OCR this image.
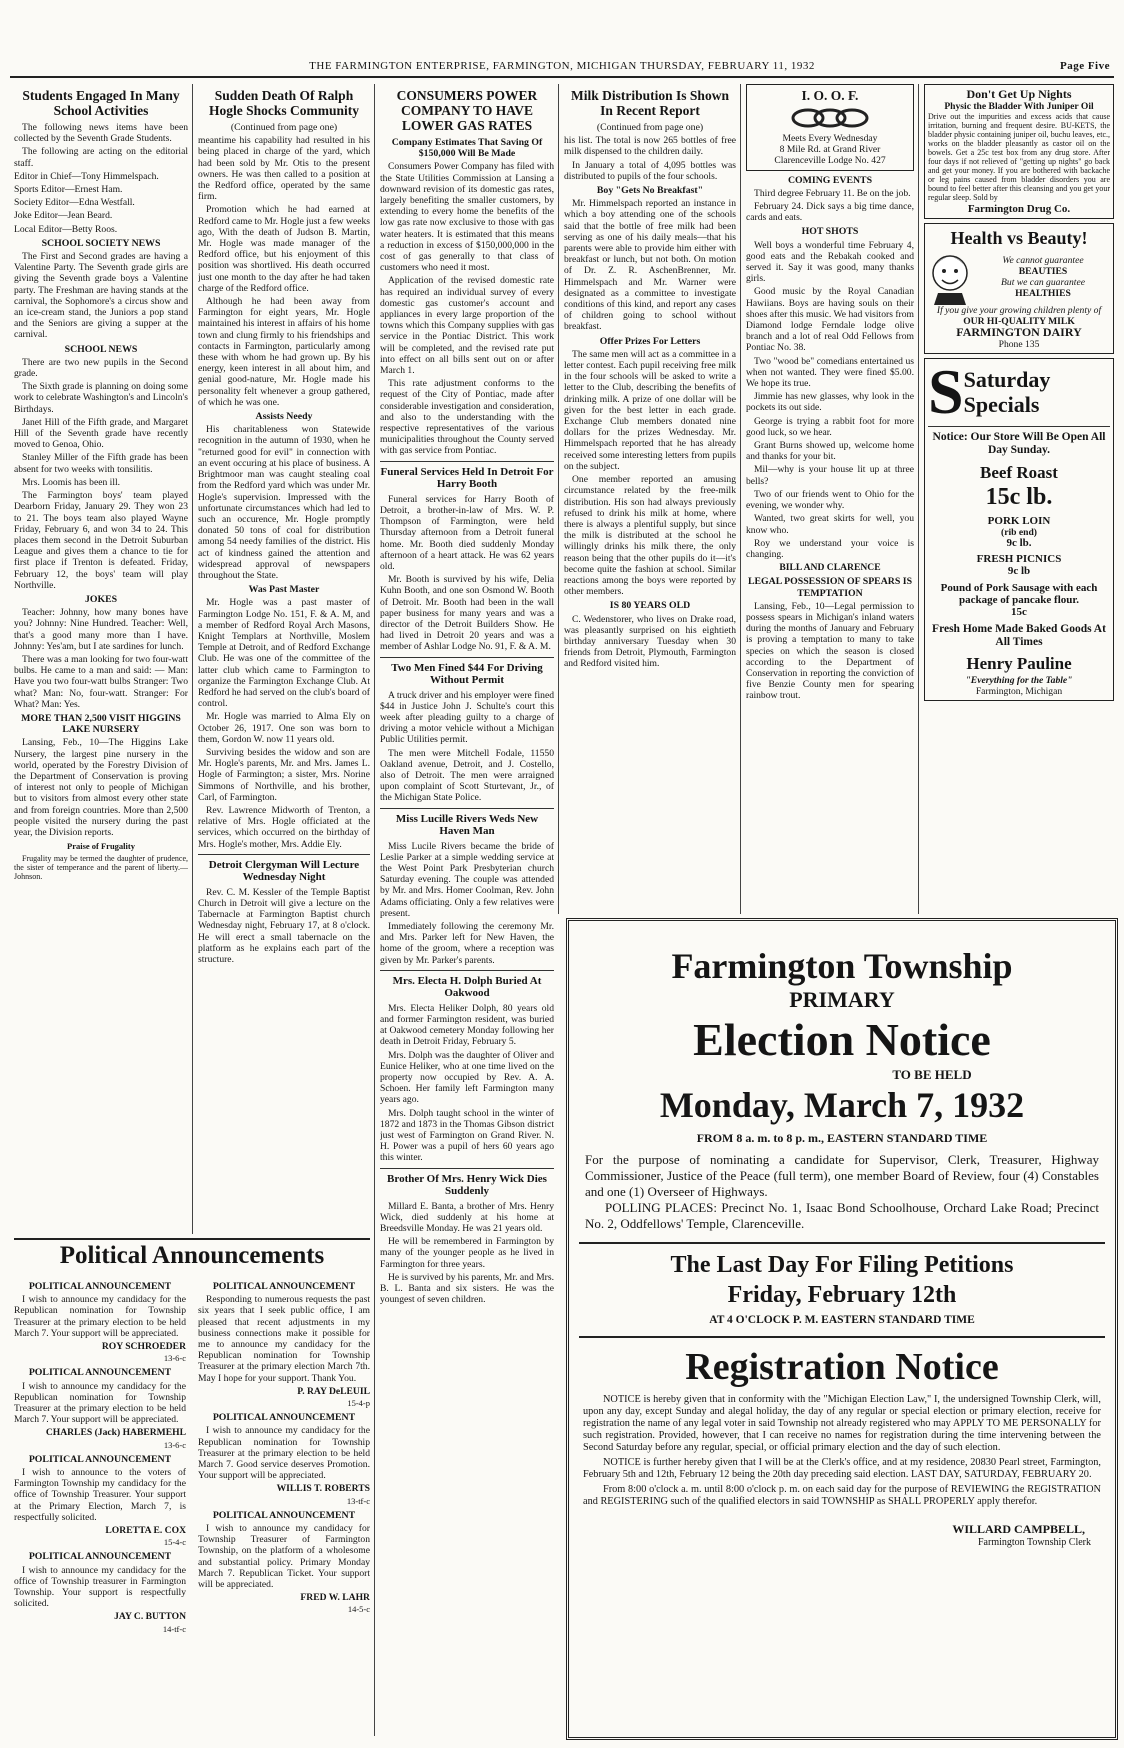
THE FARMINGTON ENTERPRISE, FARMINGTON, MICHIGAN THURSDAY, FEBRUARY 11, 1932	Page Five
Students Engaged In Many School Activities

The following news items have been collected by the Seventh Grade Students.

The following are acting on the editorial staff.

Editor in Chief—Tony Himmelspach.

Sports Editor—Ernest Ham.

Society Editor—Edna Westfall.

Joke Editor—Jean Beard.

Local Editor—Betty Roos.

SCHOOL SOCIETY NEWS

The First and Second grades are having a Valentine Party. The Seventh grade girls are giving the Seventh grade boys a Valentine party. The Freshman are having stands at the carnival, the Sophomore's a circus show and an ice-cream stand, the Juniors a pop stand and the Seniors are giving a supper at the carnival.

SCHOOL NEWS

There are two new pupils in the Second grade.

The Sixth grade is planning on doing some work to celebrate Washington's and Lincoln's Birthdays.

Janet Hill of the Fifth grade, and Margaret Hill of the Seventh grade have recently moved to Genoa, Ohio.

Stanley Miller of the Fifth grade has been absent for two weeks with tonsilitis.

Mrs. Loomis has been ill.

The Farmington boys' team played Dearborn Friday, January 29. They won 23 to 21. The boys team also played Wayne Friday, February 6, and won 34 to 24. This places them second in the Detroit Suburban League and gives them a chance to tie for first place if Trenton is defeated. Friday, February 12, the boys' team will play Northville.

JOKES

Teacher: Johnny, how many bones have you? Johnny: Nine Hundred. Teacher: Well, that's a good many more than I have. Johnny: Yes'am, but I ate sardines for lunch.

There was a man looking for two four-watt bulbs. He came to a man and said: — Man: Have you two four-watt bulbs Stranger: Two what? Man: No, four-watt. Stranger: For What? Man: Yes.

MORE THAN 2,500 VISIT HIGGINS LAKE NURSERY

Lansing, Feb., 10—The Higgins Lake Nursery, the largest pine nursery in the world, operated by the Forestry Division of the Department of Conservation is proving of interest not only to people of Michigan but to visitors from almost every other state and from foreign countries. More than 2,500 people visited the nursery during the past year, the Division reports.

Praise of Frugality

Frugality may be termed the daughter of prudence, the sister of temperance and the parent of liberty.—Johnson.

Sudden Death Of Ralph Hogle Shocks Community
(Continued from page one)

meantime his capability had resulted in his being placed in charge of the yard, which had been sold by Mr. Otis to the present owners. He was then called to a position at the Redford office, operated by the same firm.

Promotion which he had earned at Redford came to Mr. Hogle just a few weeks ago, With the death of Judson B. Martin, Mr. Hogle was made manager of the Redford office, but his enjoyment of this position was shortlived. His death occurred just one month to the day after he had taken charge of the Redford office.

Although he had been away from Farmington for eight years, Mr. Hogle maintained his interest in affairs of his home town and clung firmly to his friendships and contacts in Farmington, particularly among these with whom he had grown up. By his energy, keen interest in all about him, and genial good-nature, Mr. Hogle made his personality felt whenever a group gathered, of which he was one.

Assists Needy

His charitableness won Statewide recognition in the autumn of 1930, when he "returned good for evil" in connection with an event occuring at his place of business. A Brightmoor man was caught stealing coal from the Redford yard which was under Mr. Hogle's supervision. Impressed with the unfortunate circumstances which had led to such an occurence, Mr. Hogle promptly donated 50 tons of coal for distribution among 54 needy families of the district. His act of kindness gained the attention and widespread approval of newspapers throughout the State.

Was Past Master

Mr. Hogle was a past master of Farmington Lodge No. 151, F. & A. M, and a member of Redford Royal Arch Masons, Knight Templars at Northville, Moslem Temple at Detroit, and of Redford Exchange Club. He was one of the committee of the latter club which came to Farmington to organize the Farmington Exchange Club. At Redford he had served on the club's board of control.

Mr. Hogle was married to Alma Ely on October 26, 1917. One son was born to them, Gordon W. now 11 years old.

Surviving besides the widow and son are Mr. Hogle's parents, Mr. and Mrs. James L. Hogle of Farmington; a sister, Mrs. Norine Simmons of Northville, and his brother, Carl, of Farmington.

Rev. Lawrence Midworth of Trenton, a relative of Mrs. Hogle officiated at the services, which occurred on the birthday of Mrs. Hogle's mother, Mrs. Addie Ely.

Detroit Clergyman Will Lecture Wednesday Night

Rev. C. M. Kessler of the Temple Baptist Church in Detroit will give a lecture on the Tabernacle at Farmington Baptist church Wednesday night, February 17, at 8 o'clock. He will erect a small tabernacle on the platform as he explains each part of the structure.

Political Announcements
POLITICAL ANNOUNCEMENT

I wish to announce my candidacy for the Republican nomination for Township Treasurer at the primary election to be held March 7. Your support will be appreciated.

ROY SCHROEDER
13-6-c
POLITICAL ANNOUNCEMENT

I wish to announce my candidacy for the Republican nomination for Township Treasurer at the primary election to be held March 7. Your support will be appreciated.

CHARLES (Jack) HABERMEHL
13-6-c
POLITICAL ANNOUNCEMENT

I wish to announce to the voters of Farmington Township my candidacy for the office of Township Treasurer. Your support at the Primary Election, March 7, is respectfully solicited.

LORETTA E. COX
15-4-c
POLITICAL ANNOUNCEMENT

I wish to announce my candidacy for the office of Township treasurer in Farmington Township. Your support is respectfully solicited.

JAY C. BUTTON
14-tf-c
POLITICAL ANNOUNCEMENT

Responding to numerous requests the past six years that I seek public office, I am pleased that recent adjustments in my business connections make it possible for me to announce my candidacy for the Republican nomination for Township Treasurer at the primary election March 7th. May I hope for your support. Thank You.

P. RAY DeLEUIL
15-4-p
POLITICAL ANNOUNCEMENT

I wish to announce my candidacy for the Republican nomination for Township Treasurer at the primary election to be held March 7. Good service deserves Promotion. Your support will be appreciated.

WILLIS T. ROBERTS
13-tf-c
POLITICAL ANNOUNCEMENT

I wish to announce my candidacy for Township Treasurer of Farmington Township, on the platform of a wholesome and substantial policy. Primary Monday March 7. Republican Ticket. Your support will be appreciated.

FRED W. LAHR
14-5-c
CONSUMERS POWER COMPANY TO HAVE LOWER GAS RATES
Company Estimates That Saving Of $150,000 Will Be Made

Consumers Power Company has filed with the State Utilities Commission at Lansing a downward revision of its domestic gas rates, largely benefiting the smaller customers, by extending to every home the benefits of the low gas rate now exclusive to those with gas water heaters. It is estimated that this means a reduction in excess of $150,000,000 in the cost of gas generally to that class of customers who need it most.

Application of the revised domestic rate has required an individual survey of every domestic gas customer's account and appliances in every large proportion of the towns which this Company supplies with gas service in the Pontiac District. This work will be completed, and the revised rate put into effect on all bills sent out on or after March 1.

This rate adjustment conforms to the request of the City of Pontiac, made after considerable investigation and consideration, and also to the understanding with the respective representatives of the various municipalities throughout the County served with gas service from Pontiac.

Funeral Services Held In Detroit For Harry Booth

Funeral services for Harry Booth of Detroit, a brother-in-law of Mrs. W. P. Thompson of Farmington, were held Thursday afternoon from a Detroit funeral home. Mr. Booth died suddenly Monday afternoon of a heart attack. He was 62 years old.

Mr. Booth is survived by his wife, Delia Kuhn Booth, and one son Osmond W. Booth of Detroit. Mr. Booth had been in the wall paper business for many years and was a director of the Detroit Builders Show. He had lived in Detroit 20 years and was a member of Ashlar Lodge No. 91, F. & A. M.

Two Men Fined $44 For Driving Without Permit

A truck driver and his employer were fined $44 in Justice John J. Schulte's court this week after pleading guilty to a charge of driving a motor vehicle without a Michigan Public Utilities permit.

The men were Mitchell Fodale, 11550 Oakland avenue, Detroit, and J. Costello, also of Detroit. The men were arraigned upon complaint of Scott Sturtevant, Jr., of the Michigan State Police.

Miss Lucille Rivers Weds New Haven Man

Miss Lucile Rivers became the bride of Leslie Parker at a simple wedding service at the West Point Park Presbyterian church Saturday evening. The couple was attended by Mr. and Mrs. Homer Coolman, Rev. John Adams officiating. Only a few relatives were present.

Immediately following the ceremony Mr. and Mrs. Parker left for New Haven, the home of the groom, where a reception was given by Mr. Parker's parents.

Mrs. Electa H. Dolph Buried At Oakwood

Mrs. Electa Heliker Dolph, 80 years old and former Farmington resident, was buried at Oakwood cemetery Monday following her death in Detroit Friday, February 5.

Mrs. Dolph was the daughter of Oliver and Eunice Heliker, who at one time lived on the property now occupied by Rev. A. A. Schoen. Her family left Farmington many years ago.

Mrs. Dolph taught school in the winter of 1872 and 1873 in the Thomas Gibson district just west of Farmington on Grand River. N. H. Power was a pupil of hers 60 years ago this winter.

Brother Of Mrs. Henry Wick Dies Suddenly

Millard E. Banta, a brother of Mrs. Henry Wick, died suddenly at his home at Breedsville Monday. He was 21 years old.

He will be remembered in Farmington by many of the younger people as he lived in Farmington for three years.

He is survived by his parents, Mr. and Mrs. B. L. Banta and six sisters. He was the youngest of seven children.

Milk Distribution Is Shown In Recent Report
(Continued from page one)

his list. The total is now 265 bottles of free milk dispensed to the children daily.

In January a total of 4,095 bottles was distributed to pupils of the four schools.

Boy "Gets No Breakfast"

Mr. Himmelspach reported an instance in which a boy attending one of the schools said that the bottle of free milk had been serving as one of his daily meals—that his parents were able to provide him either with breakfast or lunch, but not both. On motion of Dr. Z. R. AschenBrenner, Mr. Himmelspach and Mr. Warner were designated as a committee to investigate conditions of this kind, and report any cases of children going to school without breakfast.

Offer Prizes For Letters

The same men will act as a committee in a letter contest. Each pupil receiving free milk in the four schools will be asked to write a letter to the Club, describing the benefits of drinking milk. A prize of one dollar will be given for the best letter in each grade. Exchange Club members donated nine dollars for the prizes Wednesday. Mr. Himmelspach reported that he has already received some interesting letters from pupils on the subject.

One member reported an amusing circumstance related by the free-milk distribution. His son had always previously refused to drink his milk at home, where there is always a plentiful supply, but since the milk is distributed at the school he willingly drinks his milk there, the only reason being that the other pupils do it—it's become quite the fashion at school. Similar reactions among the boys were reported by other members.

IS 80 YEARS OLD

C. Wedenstorer, who lives on Drake road, was pleasantly surprised on his eightieth birthday anniversary Tuesday when 30 friends from Detroit, Plymouth, Farmington and Redford visited him.

I. O. O. F.
Meets Every Wednesday
8 Mile Rd. at Grand River
Clarenceville Lodge No. 427
COMING EVENTS

Third degree February 11. Be on the job.

February 24. Dick says a big time dance, cards and eats.

HOT SHOTS

Well boys a wonderful time February 4, good eats and the Rebakah cooked and served it. Say it was good, many thanks girls.

Good music by the Royal Canadian Hawiians. Boys are having souls on their shoes after this music. We had visitors from Diamond lodge Ferndale lodge olive branch and a lot of real Odd Fellows from Pontiac No. 38.

Two "wood be" comedians entertained us when not wanted. They were fined $5.00. We hope its true.

Jimmie has new glasses, why look in the pockets its out side.

George is trying a rabbit foot for more good luck, so we hear.

Grant Burns showed up, welcome home and thanks for your bit.

Mil—why is your house lit up at three bells?

Two of our friends went to Ohio for the evening, we wonder why.

Wanted, two great skirts for well, you know who.

Roy we understand your voice is changing.

BILL AND CLARENCE
LEGAL POSSESSION OF SPEARS IS TEMPTATION

Lansing, Feb., 10—Legal permission to possess spears in Michigan's inland waters during the months of January and February is proving a temptation to many to take species on which the season is closed according to the Department of Conservation in reporting the conviction of five Benzie County men for spearing rainbow trout.

Don't Get Up Nights
Physic the Bladder With Juniper Oil

Drive out the impurities and excess acids that cause irritation, burning and frequent desire. BU-KETS, the bladder physic containing juniper oil, buchu leaves, etc., works on the bladder pleasantly as castor oil on the bowels. Get a 25c test box from any drug store. After four days if not relieved of "getting up nights" go back and get your money. If you are bothered with backache or leg pains caused from bladder disorders you are bound to feel better after this cleansing and you get your regular sleep. Sold by

Farmington Drug Co.
Health vs Beauty!
We cannot guarantee
BEAUTIES
But we can guarantee
HEALTHIES
If you give your growing children plenty of
OUR HI-QUALITY MILK
FARMINGTON DAIRY
Phone 135
S Saturday
Specials
Notice: Our Store Will Be Open All Day Sunday.
Beef Roast
15c lb.
PORK LOIN
(rib end)
9c lb.
FRESH PICNICS
9c lb
Pound of Pork Sausage with each package of pancake flour.
15c
Fresh Home Made Baked Goods At All Times
Henry Pauline
"Everything for the Table"
Farmington, Michigan
Farmington Township
PRIMARY
Election Notice
TO BE HELD
Monday, March 7, 1932
FROM 8 a. m. to 8 p. m., EASTERN STANDARD TIME
For the purpose of nominating a candidate for Supervisor, Clerk, Treasurer, Highway Commissioner, Justice of the Peace (full term), one member Board of Review, four (4) Constables and one (1) Overseer of Highways.
POLLING PLACES: Precinct No. 1, Isaac Bond Schoolhouse, Orchard Lake Road; Precinct No. 2, Oddfellows' Temple, Clarenceville.
The Last Day For Filing Petitions
Friday, February 12th
AT 4 O'CLOCK P. M. EASTERN STANDARD TIME
Registration Notice
NOTICE is hereby given that in conformity with the "Michigan Election Law," I, the undersigned Township Clerk, will, upon any day, except Sunday and alegal holiday, the day of any regular or special election or primary election, receive for registration the name of any legal voter in said Township not already registered who may APPLY TO ME PERSONALLY for such registration. Provided, however, that I can receive no names for registration during the time intervening between the Second Saturday before any regular, special, or official primary election and the day of such election.
NOTICE is further hereby given that I will be at the Clerk's office, and at my residence, 20830 Pearl street, Farmington, February 5th and 12th, February 12 being the 20th day preceding said election. LAST DAY, SATURDAY, FEBRUARY 20.
From 8:00 o'clock a. m. until 8:00 o'clock p. m. on each said day for the purpose of REVIEWING the REGISTRATION and REGISTERING such of the qualified electors in said TOWNSHIP as SHALL PROPERLY apply therefor.
WILLARD CAMPBELL,
Farmington Township Clerk
